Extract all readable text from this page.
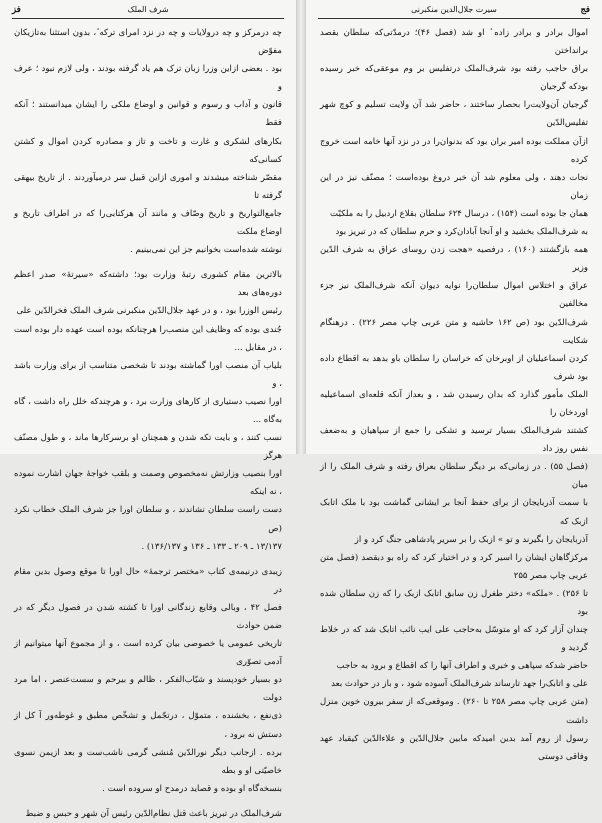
فز	شرف الملک

چه درمرکز و چه درولایات و چه در نزد امرای ترکه ٔ، بدون استثنا به‌تازیکان مفوّض

بود . بعضی ازاین وزرا زبان ترک هم یاد گرفته بودند ، ولی لازم نبود ؛ عرف و

قانون و آداب و رسوم و قوانین و اوضاع ملکی را ایشان میدانستند ؛ آنکه فقط

بکارهای لشکری و غارت و تاخت و تاز و مصادره کردن اموال و کشتن کسانی‌که

مقصّر شناخته میشدند و اموری ازاین قبیل سر درمیآوردند . از تاریخ بیهقی گرفته تا

جامع‌التواریخ و تاریخ وصّاف و مانند آن هرکتابی‌را که در اطراف تاریخ و اوضاع ملکت

نوشته شده‌است بخوانیم جز این نمی‌بینیم .

بالاترین مقام کشوری رتبهٔ وزارت بود؛ داشته‌که «سیرتهٔ» صدر اعظم دوره‌های بعد

رئیس الوزرا بود ، و در عهد جلال‌الدّین منکبرنی شرف الملک فخرالدّین علی

جُندی بوده که وظایف این منصب‌را هرچنانکه بوده است عهده دار بوده است ، در مقابل ...

بلیاب آن منصب اورا گماشته بودند تا شخصی متناسب از برای وزارت باشد ، و

اورا نصیب دستیاری از کارهای وزارت برد ، و هرچندکه خلل راه داشت ، گاه به‌گاه ...

نسب کنند ، و بایت تکه شدن و همچنان او برسرکارها ماند ، و طول مصنّف هرگز

اورا بنصیب وزارتش نه‌مخصوص وصمت و بلقب خواجهٔ جهان اشارت نموده ، نه اینکه

دست راست سلطان نشاندند ، و سلطان اورا جز شرف الملک خطاب نکرد (ص

۱۳/۱۳۷ ـ ۲۰۹ ـ ۱۳۳ ـ ۱۳۶ و ۱۳۶/۱۳۷) .

زیبدی درنیمه‌ی کتاب «مختصر ترجمهٔ» حال اورا تا موقع وصول بدین مقام در

فصل ۴۲ ، وبالی وقایع زندگانی اورا تا کشته شدن در فصول دیگر که در ضمن حوادث

تاریخی عمومی یا خصوصی بیان کرده است ، و از مجموع آنها میتوانیم از آدمی تصوّری

دو بسیار خودپسند و شیّاب‌الفکر ، ظالم و بیرحم و سست‌عنصر ، اما مرد دولت

ذی‌نفع ، بخشنده ، متموّل ، درتجّمل و تشخّص مطبق و غوطه‌ور آ کل از دستش نه برود ،

برده . ازجانب دیگر نورالدّین مُنشی گرمی ناشب‌ست و بعد ازیمن نسوی خاصیّتی او و بطه

بنسخه‌گاه او بوده و قصاید درمدح او سروده است .

شرف‌الملک در تبریز باعث قتل نظام‌الدّین رئیس آن شهر و حبس و ضبط

فج
سیرت جلال‌الدین منکبرنی

اموال برادر و برادر زاده ٔ او شد (فصل ۴۶)؛ درمدّتی‌که سلطان بقصد برانداختن

براق حاجب رفته بود شرف‌الملک درتفلیس بر وم موعقی‌که خبر رسیده بودکه گرجیان

گرجیان آن‌ولایت‌را بحصار ساختند ، حاضر شد آن ولایت تسلیم و کوچ شهر تفلیس‌الدّین

ازآن مملکت بوده امیر بران بود که بدنوان‌را در در نزد آنها خامه است خروج کرده

نجات دهند ، ولی معلوم شد آن خبر دروغ بوده‌است ؛ مصنّف نیز در این زمان

همان جا بوده است (۱۵۴) ، درسال ۶۲۴ سلطان بقلاع اردبیل را به ملکیّت

به شرف‌الملک بخشید و او آنجا آبادان‌کرد و حرم سلطان که در تبریز بود

همه بازگشتند (۱۶۰) ، درفصیه «هجت زدن روسای عراق به شرف الدّین وزیر

عراق و اختلاس اموال سلطان‌را نوایه دیوان آنکه شرف‌الملک نیز جزء مخالفین

شرف‌الدّین بود (ص ۱۶۲ حاشیه و متن عربی چاپ مصر ۲۲۶) . درهنگام شکایت

کردن اسماعیلیان از اوبرخان که خراسان را سلطان باو بدهد به اقطاع داده بود شرف

الملک مأمور گذارد که بدان رسیدن شد ، و بعداز آنکه قلعه‌ای اسماعیلیه اوردخان را

کشتند شرف‌الملک بسیار ترسید و تشکی را جمع از سپاهیان و به‌ضعف نفس روز داد

(فصل ۵۵) . در زمانی‌که بر دیگر سلطان بعراق رفته و شرف الملک را از میان

با سمت آذربایجان از برای حفظ آنجا بر ایشانی گماشت بود با ملک اتابک ازبک که

آذربایجان را بگیرند و تو » ازبک را بر سریر پادشاهی جنگ کرد و از

مرکزگاهان ایشان را اسیر کرد و در اختیار کرد که راه بو دبقصد (فصل متن عربی چاپ مصر ۲۵۵

تا ۲۵۶) . «ملکه» دختر طغرل زن سابق اتابک ازبک را که زن سلطان شده بود

چندان آزار کرد که او متوسّل به‌حاجب علی ایب نائب اتابک شد که در خلاط گردید و

حاضر شدکه سپاهی و خبری و اطراف آنها را که اقطاع و برود به حاجب

علی و اتابک‌را جهد تارساند شرف‌الملک آسوده شود ، و باز در حوادث بعد

(متن عربی چاپ مصر ۲۵۸ تا ۲۶۰) . وموقعی‌که از سفر بیرون خوین منزل داشت

رسول از روم آمد بدین امیدکه مابین جلال‌الدّین و علاءالدّین کیقباد عهد وفاقی دوستی
